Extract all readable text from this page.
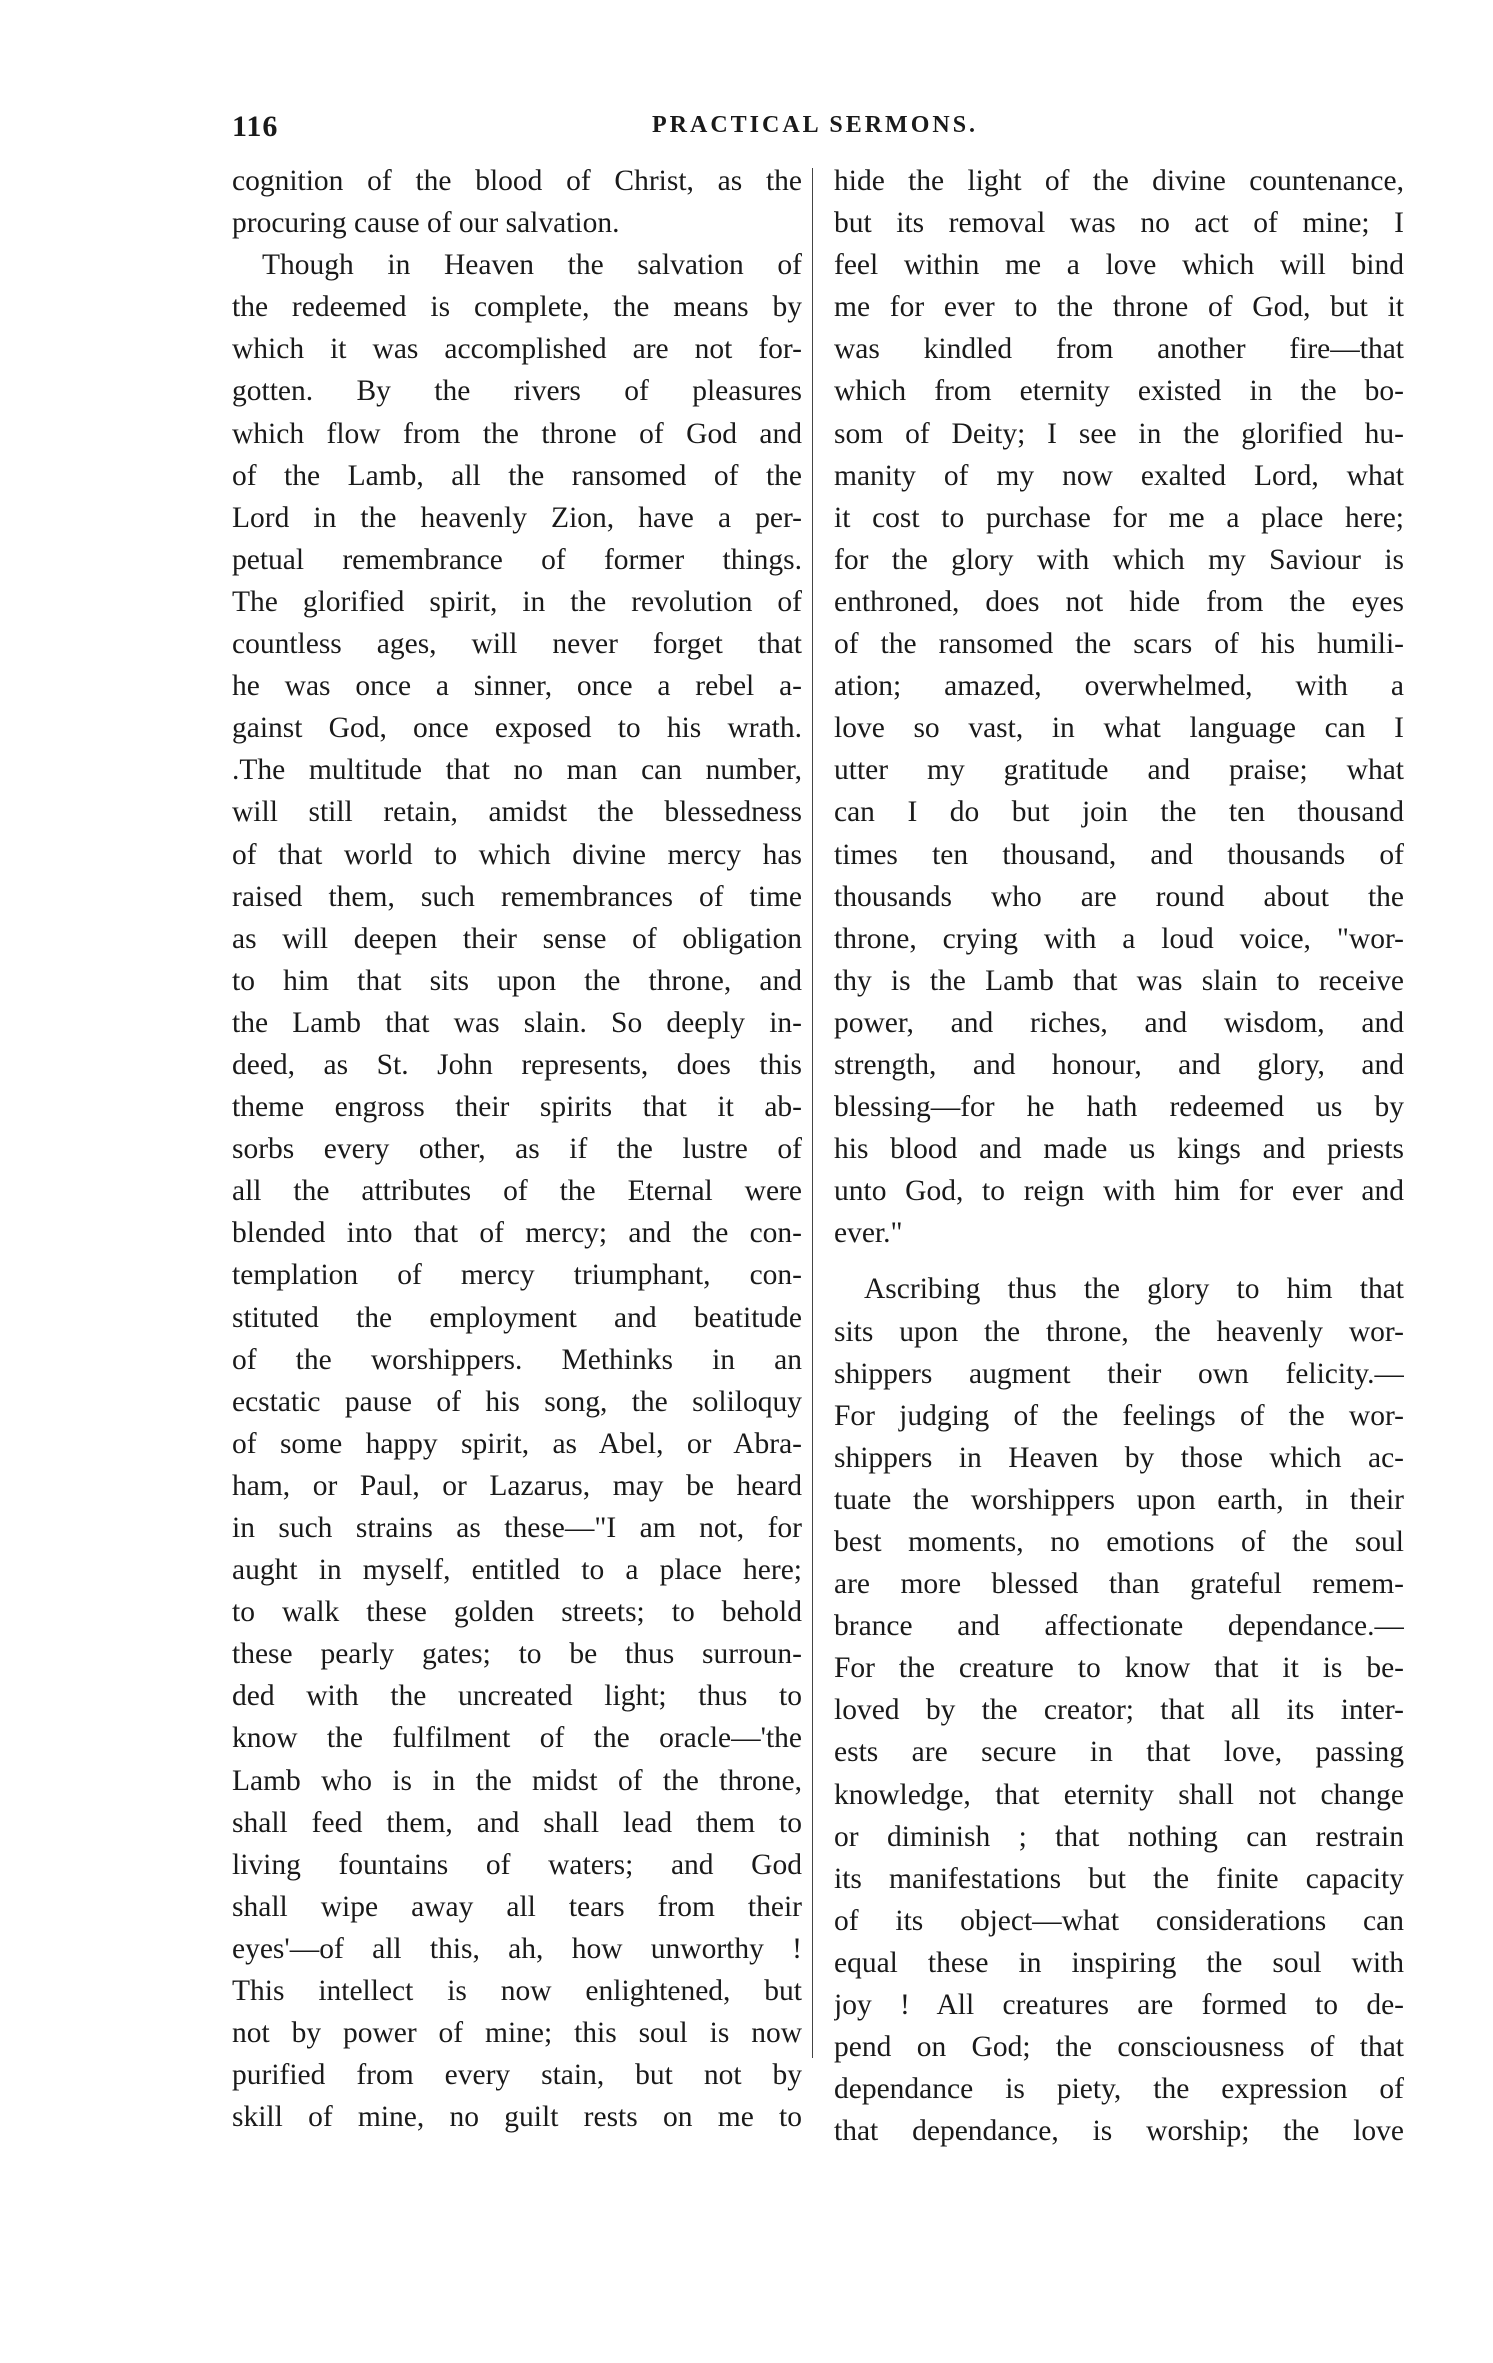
116	PRACTICAL SERMONS.
cognition of the blood of Christ, as the
procuring cause of our salvation.
Though in Heaven the salvation of
the redeemed is complete, the means by
which it was accomplished are not for-
gotten. By the rivers of pleasures
which flow from the throne of God and
of the Lamb, all the ransomed of the
Lord in the heavenly Zion, have a per-
petual remembrance of former things.
The glorified spirit, in the revolution of
countless ages, will never forget that
he was once a sinner, once a rebel a-
gainst God, once exposed to his wrath.
.The multitude that no man can number,
will still retain, amidst the blessedness
of that world to which divine mercy has
raised them, such remembrances of time
as will deepen their sense of obligation
to him that sits upon the throne, and
the Lamb that was slain. So deeply in-
deed, as St. John represents, does this
theme engross their spirits that it ab-
sorbs every other, as if the lustre of
all the attributes of the Eternal were
blended into that of mercy; and the con-
templation of mercy triumphant, con-
stituted the employment and beatitude
of the worshippers. Methinks in an
ecstatic pause of his song, the soliloquy
of some happy spirit, as Abel, or Abra-
ham, or Paul, or Lazarus, may be heard
in such strains as these—"I am not, for
aught in myself, entitled to a place here;
to walk these golden streets; to behold
these pearly gates; to be thus surroun-
ded with the uncreated light; thus to
know the fulfilment of the oracle—'the
Lamb who is in the midst of the throne,
shall feed them, and shall lead them to
living fountains of waters; and God
shall wipe away all tears from their
eyes'—of all this, ah, how unworthy !
This intellect is now enlightened, but
not by power of mine; this soul is now
purified from every stain, but not by
skill of mine, no guilt rests on me to
hide the light of the divine countenance,
but its removal was no act of mine; I
feel within me a love which will bind
me for ever to the throne of God, but it
was kindled from another fire—that
which from eternity existed in the bo-
som of Deity; I see in the glorified hu-
manity of my now exalted Lord, what
it cost to purchase for me a place here;
for the glory with which my Saviour is
enthroned, does not hide from the eyes
of the ransomed the scars of his humili-
ation; amazed, overwhelmed, with a
love so vast, in what language can I
utter my gratitude and praise; what
can I do but join the ten thousand
times ten thousand, and thousands of
thousands who are round about the
throne, crying with a loud voice, "wor-
thy is the Lamb that was slain to receive
power, and riches, and wisdom, and
strength, and honour, and glory, and
blessing—for he hath redeemed us by
his blood and made us kings and priests
unto God, to reign with him for ever and
ever."
Ascribing thus the glory to him that
sits upon the throne, the heavenly wor-
shippers augment their own felicity.—
For judging of the feelings of the wor-
shippers in Heaven by those which ac-
tuate the worshippers upon earth, in their
best moments, no emotions of the soul
are more blessed than grateful remem-
brance and affectionate dependance.—
For the creature to know that it is be-
loved by the creator; that all its inter-
ests are secure in that love, passing
knowledge, that eternity shall not change
or diminish ; that nothing can restrain
its manifestations but the finite capacity
of its object—what considerations can
equal these in inspiring the soul with
joy ! All creatures are formed to de-
pend on God; the consciousness of that
dependance is piety, the expression of
that dependance, is worship; the love
